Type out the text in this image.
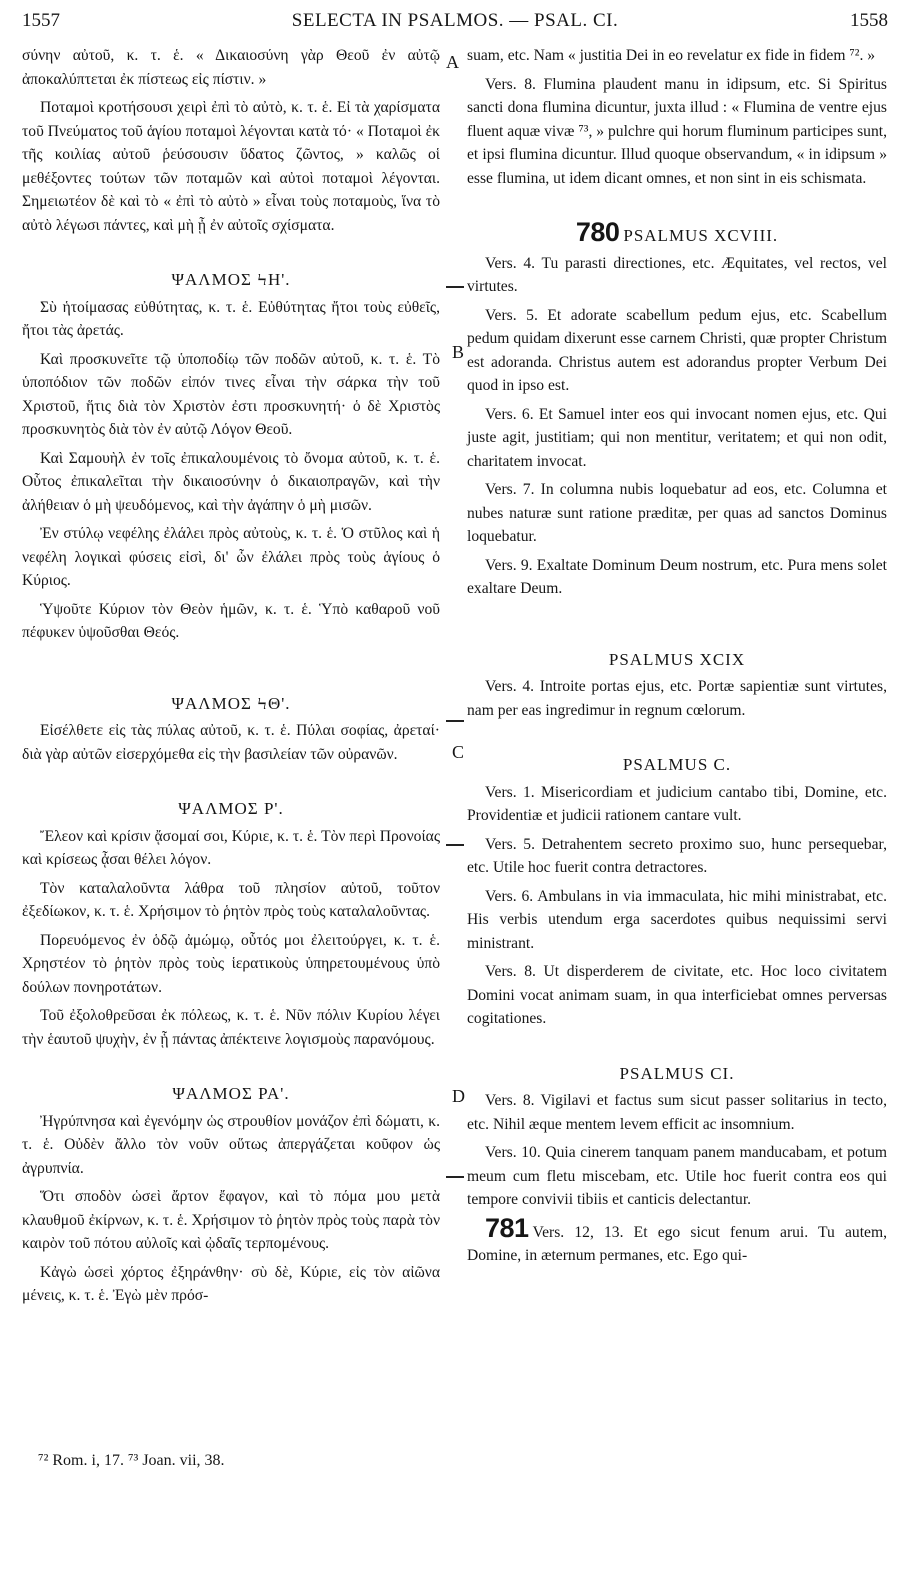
1557	SELECTA IN PSALMOS. — PSAL. CI.	1558
A
B
C
D

σύνην αὐτοῦ, κ. τ. ἑ. « Δικαιοσύνη γὰρ Θεοῦ ἐν αὐτῷ ἀποκαλύπτεται ἐκ πίστεως εἰς πίστιν. »

Ποταμοὶ κροτήσουσι χειρὶ ἐπὶ τὸ αὐτὸ, κ. τ. ἑ. Εἰ τὰ χαρίσματα τοῦ Πνεύματος τοῦ ἁγίου ποταμοὶ λέγονται κατὰ τό· « Ποταμοὶ ἐκ τῆς κοιλίας αὐτοῦ ῥεύσουσιν ὕδατος ζῶντος, » καλῶς οἱ μεθέξοντες τούτων τῶν ποταμῶν καὶ αὐτοὶ ποταμοὶ λέγονται. Σημειωτέον δὲ καὶ τὸ « ἐπὶ τὸ αὐτὸ » εἶναι τοὺς ποταμοὺς, ἵνα τὸ αὐτὸ λέγωσι πάντες, καὶ μὴ ᾖ ἐν αὐτοῖς σχίσματα.

ΨΑΛΜΟΣ ϞΗ'.

Σὺ ἡτοίμασας εὐθύτητας, κ. τ. ἑ. Εὐθύτητας ἤτοι τοὺς εὐθεῖς, ἤτοι τὰς ἀρετάς.

Καὶ προσκυνεῖτε τῷ ὑποποδίῳ τῶν ποδῶν αὐτοῦ, κ. τ. ἑ. Τὸ ὑποπόδιον τῶν ποδῶν εἰπόν τινες εἶναι τὴν σάρκα τὴν τοῦ Χριστοῦ, ἥτις διὰ τὸν Χριστὸν ἐστι προσκυνητή· ὁ δὲ Χριστὸς προσκυνητὸς διὰ τὸν ἐν αὐτῷ Λόγον Θεοῦ.

Καὶ Σαμουὴλ ἐν τοῖς ἐπικαλουμένοις τὸ ὄνομα αὐτοῦ, κ. τ. ἑ. Οὗτος ἐπικαλεῖται τὴν δικαιοσύνην ὁ δικαιοπραγῶν, καὶ τὴν ἀλήθειαν ὁ μὴ ψευδόμενος, καὶ τὴν ἀγάπην ὁ μὴ μισῶν.

Ἐν στύλῳ νεφέλης ἐλάλει πρὸς αὐτοὺς, κ. τ. ἑ. Ὁ στῦλος καὶ ἡ νεφέλη λογικαὶ φύσεις εἰσὶ, δι' ὧν ἐλάλει πρὸς τοὺς ἁγίους ὁ Κύριος.

Ὑψοῦτε Κύριον τὸν Θεὸν ἡμῶν, κ. τ. ἑ. Ὑπὸ καθαροῦ νοῦ πέφυκεν ὑψοῦσθαι Θεός.

ΨΑΛΜΟΣ ϞΘ'.

Εἰσέλθετε εἰς τὰς πύλας αὐτοῦ, κ. τ. ἑ. Πύλαι σοφίας, ἀρεταί· διὰ γὰρ αὐτῶν εἰσερχόμεθα εἰς τὴν βασιλείαν τῶν οὐρανῶν.

ΨΑΛΜΟΣ Ρ'.

Ἔλεον καὶ κρίσιν ᾄσομαί σοι, Κύριε, κ. τ. ἑ. Τὸν περὶ Προνοίας καὶ κρίσεως ᾆσαι θέλει λόγον.

Τὸν καταλαλοῦντα λάθρα τοῦ πλησίον αὐτοῦ, τοῦτον ἐξεδίωκον, κ. τ. ἑ. Χρήσιμον τὸ ῥητὸν πρὸς τοὺς καταλαλοῦντας.

Πορευόμενος ἐν ὁδῷ ἀμώμῳ, οὗτός μοι ἐλειτούργει, κ. τ. ἑ. Χρηστέον τὸ ῥητὸν πρὸς τοὺς ἱερατικοὺς ὑπηρετουμένους ὑπὸ δούλων πονηροτάτων.

Τοῦ ἐξολοθρεῦσαι ἐκ πόλεως, κ. τ. ἑ. Νῦν πόλιν Κυρίου λέγει τὴν ἑαυτοῦ ψυχὴν, ἐν ᾗ πάντας ἀπέκτεινε λογισμοὺς παρανόμους.

ΨΑΛΜΟΣ ΡΑ'.

Ἠγρύπνησα καὶ ἐγενόμην ὡς στρουθίον μονάζον ἐπὶ δώματι, κ. τ. ἑ. Οὐδὲν ἄλλο τὸν νοῦν οὕτως ἀπεργάζεται κοῦφον ὡς ἀγρυπνία.

Ὅτι σποδὸν ὡσεὶ ἄρτον ἔφαγον, καὶ τὸ πόμα μου μετὰ κλαυθμοῦ ἐκίρνων, κ. τ. ἑ. Χρήσιμον τὸ ῥητὸν πρὸς τοὺς παρὰ τὸν καιρὸν τοῦ πότου αὐλοῖς καὶ ᾠδαῖς τερπομένους.

Κἀγὼ ὡσεὶ χόρτος ἐξηράνθην· σὺ δὲ, Κύριε, εἰς τὸν αἰῶνα μένεις, κ. τ. ἑ. Ἐγὼ μὲν πρόσ-

suam, etc. Nam « justitia Dei in eo revelatur ex fide in fidem ⁷². »

Vers. 8. Flumina plaudent manu in idipsum, etc. Si Spiritus sancti dona flumina dicuntur, juxta illud : « Flumina de ventre ejus fluent aquæ vivæ ⁷³, » pulchre qui horum fluminum participes sunt, et ipsi flumina dicuntur. Illud quoque observandum, « in idipsum » esse flumina, ut idem dicant omnes, et non sint in eis schismata.

780 PSALMUS XCVIII.

Vers. 4. Tu parasti directiones, etc. Æquitates, vel rectos, vel virtutes.

Vers. 5. Et adorate scabellum pedum ejus, etc. Scabellum pedum quidam dixerunt esse carnem Christi, quæ propter Christum est adoranda. Christus autem est adorandus propter Verbum Dei quod in ipso est.

Vers. 6. Et Samuel inter eos qui invocant nomen ejus, etc. Qui juste agit, justitiam; qui non mentitur, veritatem; et qui non odit, charitatem invocat.

Vers. 7. In columna nubis loquebatur ad eos, etc. Columna et nubes naturæ sunt ratione præditæ, per quas ad sanctos Dominus loquebatur.

Vers. 9. Exaltate Dominum Deum nostrum, etc. Pura mens solet exaltare Deum.

PSALMUS XCIX

Vers. 4. Introite portas ejus, etc. Portæ sapientiæ sunt virtutes, nam per eas ingredimur in regnum cœlorum.

PSALMUS C.

Vers. 1. Misericordiam et judicium cantabo tibi, Domine, etc. Providentiæ et judicii rationem cantare vult.

Vers. 5. Detrahentem secreto proximo suo, hunc persequebar, etc. Utile hoc fuerit contra detractores.

Vers. 6. Ambulans in via immaculata, hic mihi ministrabat, etc. His verbis utendum erga sacerdotes quibus nequissimi servi ministrant.

Vers. 8. Ut disperderem de civitate, etc. Hoc loco civitatem Domini vocat animam suam, in qua interficiebat omnes perversas cogitationes.

PSALMUS CI.

Vers. 8. Vigilavi et factus sum sicut passer solitarius in tecto, etc. Nihil æque mentem levem efficit ac insomnium.

Vers. 10. Quia cinerem tanquam panem manducabam, et potum meum cum fletu miscebam, etc. Utile hoc fuerit contra eos qui tempore convivii tibiis et canticis delectantur.

781 Vers. 12, 13. Et ego sicut fenum arui. Tu autem, Domine, in æternum permanes, etc. Ego qui-

⁷² Rom. i, 17. ⁷³ Joan. vii, 38.
